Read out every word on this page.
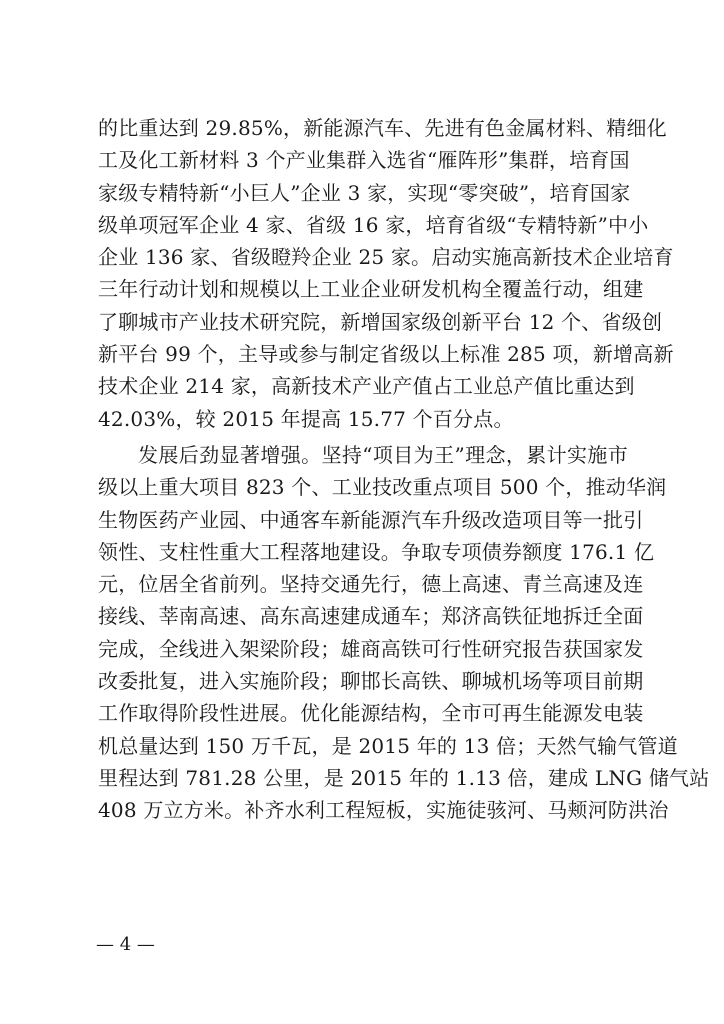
的比重达到 29.85%，新能源汽车、先进有色金属材料、精细化
工及化工新材料 3 个产业集群入选省“雁阵形”集群，培育国
家级专精特新“小巨人”企业 3 家，实现“零突破”，培育国家
级单项冠军企业 4 家、省级 16 家，培育省级“专精特新”中小
企业 136 家、省级瞪羚企业 25 家。启动实施高新技术企业培育
三年行动计划和规模以上工业企业研发机构全覆盖行动，组建
了聊城市产业技术研究院，新增国家级创新平台 12 个、省级创
新平台 99 个，主导或参与制定省级以上标准 285 项，新增高新
技术企业 214 家，高新技术产业产值占工业总产值比重达到
42.03%，较 2015 年提高 15.77 个百分点。
发展后劲显著增强。坚持“项目为王”理念，累计实施市
级以上重大项目 823 个、工业技改重点项目 500 个，推动华润
生物医药产业园、中通客车新能源汽车升级改造项目等一批引
领性、支柱性重大工程落地建设。争取专项债券额度 176.1 亿
元，位居全省前列。坚持交通先行，德上高速、青兰高速及连
接线、莘南高速、高东高速建成通车；郑济高铁征地拆迁全面
完成，全线进入架梁阶段；雄商高铁可行性研究报告获国家发
改委批复，进入实施阶段；聊邯长高铁、聊城机场等项目前期
工作取得阶段性进展。优化能源结构，全市可再生能源发电装
机总量达到 150 万千瓦，是 2015 年的 13 倍；天然气输气管道
里程达到 781.28 公里，是 2015 年的 1.13 倍，建成 LNG 储气站
408 万立方米。补齐水利工程短板，实施徒骇河、马颊河防洪治
— 4 —
